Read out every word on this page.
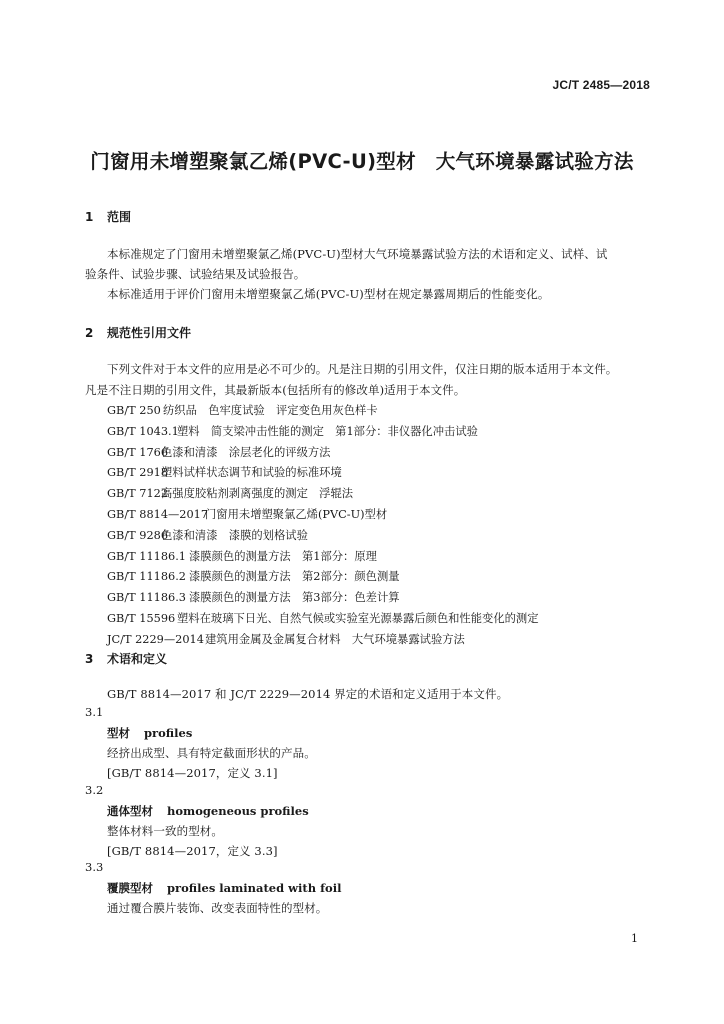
JC/T 2485—2018
门窗用未增塑聚氯乙烯(PVC-U)型材　大气环境暴露试验方法
1 范围
本标准规定了门窗用未增塑聚氯乙烯(PVC-U)型材大气环境暴露试验方法的术语和定义、试样、试
验条件、试验步骤、试验结果及试验报告。
本标准适用于评价门窗用未增塑聚氯乙烯(PVC-U)型材在规定暴露周期后的性能变化。
2 规范性引用文件
下列文件对于本文件的应用是必不可少的。凡是注日期的引用文件，仅注日期的版本适用于本文件。
凡是不注日期的引用文件，其最新版本(包括所有的修改单)适用于本文件。
GB/T 250 纺织品　色牢度试验　评定变色用灰色样卡
GB/T 1043.1塑料　简支梁冲击性能的测定　第1部分：非仪器化冲击试验
GB/T 1766色漆和清漆　涂层老化的评级方法
GB/T 2918塑料试样状态调节和试验的标准环境
GB/T 7122高强度胶粘剂剥离强度的测定　浮辊法
GB/T 8814—2017门窗用未增塑聚氯乙烯(PVC-U)型材
GB/T 9286色漆和清漆　漆膜的划格试验
GB/T 11186.1 漆膜颜色的测量方法　第1部分：原理
GB/T 11186.2 漆膜颜色的测量方法　第2部分：颜色测量
GB/T 11186.3 漆膜颜色的测量方法　第3部分：色差计算
GB/T 15596 塑料在玻璃下日光、自然气候或实验室光源暴露后颜色和性能变化的测定
JC/T 2229—2014建筑用金属及金属复合材料　大气环境暴露试验方法
3 术语和定义
GB/T 8814—2017 和 JC/T 2229—2014 界定的术语和定义适用于本文件。
3.1
型材 profiles
经挤出成型、具有特定截面形状的产品。
[GB/T 8814—2017，定义 3.1]
3.2
通体型材 homogeneous profiles
整体材料一致的型材。
[GB/T 8814—2017，定义 3.3]
3.3
覆膜型材 profiles laminated with foil
通过覆合膜片装饰、改变表面特性的型材。
1
